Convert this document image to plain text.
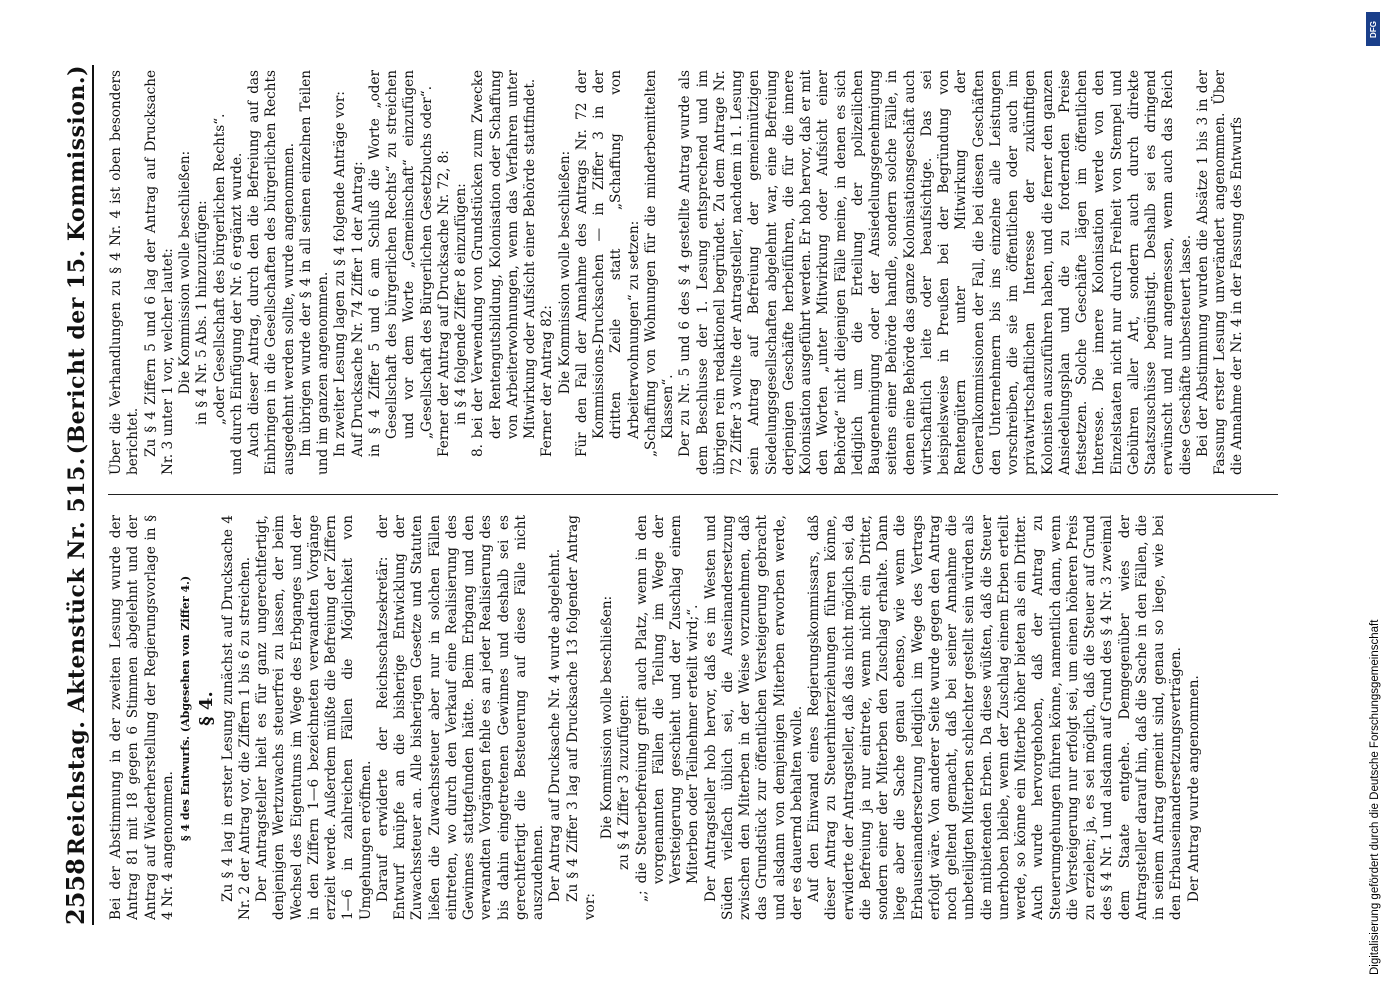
2558
Reichstag. Aktenstück Nr. 515.
(Bericht der 15. Kommission.)

Bei der Abstimmung in der zweiten Lesung wurde der Antrag 81 mit 18 gegen 6 Stimmen abgelehnt und der Antrag auf Wiederherstellung der Regierungsvorlage in § 4 Nr. 4 angenommen.

§ 4 des Entwurfs. (Abgesehen von Ziffer 4.) § 4. Zu § 4 lag in erster Lesung zunächst auf Drucksache 4 Nr. 2 der Antrag vor, die Ziffern 1 bis 6 zu streichen. Der Antragsteller hielt es für ganz ungerechtfertigt, denjenigen Wertzuwachs steuerfrei zu lassen, der beim Wechsel des Eigentums im Wege des Erbganges und der in den Ziffern 1—6 bezeichneten verwandten Vorgänge erzielt werde. Außerdem müßte die Befreiung der Ziffern 1—6 in zahlreichen Fällen die Möglichkeit von Umgehungen eröffnen. Darauf erwiderte der Reichsschatzsekretär: der Entwurf knüpfe an die bisherige Entwicklung der Zuwachssteuer an. Alle bisherigen Gesetze und Statuten ließen die Zuwachssteuer aber nur in solchen Fällen eintreten, wo durch den Verkauf eine Realisierung des Gewinnes stattgefunden hätte. Beim Erbgang und den verwandten Vorgängen fehle es an jeder Realisierung des bis dahin eingetretenen Gewinnes und deshalb sei es gerechtfertigt die Besteuerung auf diese Fälle nicht auszudehnen. Der Antrag auf Drucksache Nr. 4 wurde abgelehnt. Zu § 4 Ziffer 3 lag auf Drucksache 13 folgender Antrag vor:

Die Kommission wolle beschließen: zu § 4 Ziffer 3 zuzufügen: „; die Steuerbefreiung greift auch Platz, wenn in den vorgenannten Fällen die Teilung im Wege der Versteigerung geschieht und der Zuschlag einem Miterben oder Teilnehmer erteilt wird;“. Der Antragsteller hob hervor, daß es im Westen und Süden vielfach üblich sei, die Auseinandersetzung zwischen den Miterben in der Weise vorzunehmen, daß das Grundstück zur öffentlichen Versteigerung gebracht und alsdann von demjenigen Miterben erworben werde, der es dauernd behalten wolle. Auf den Einwand eines Regierungskommissars, daß dieser Antrag zu Steuerhinterziehungen führen könne, erwiderte der Antragsteller, daß das nicht möglich sei, da die Befreiung ja nur eintrete, wenn nicht ein Dritter, sondern einer der Miterben den Zuschlag erhalte. Dann liege aber die Sache genau ebenso, wie wenn die Erbauseinandersetzung lediglich im Wege des Vertrags erfolgt wäre. Von anderer Seite wurde gegen den Antrag noch geltend gemacht, daß bei seiner Annahme die unbeteiligten Miterben schlechter gestellt sein würden als die mitbietenden Erben. Da diese wüßten, daß die Steuer unerhoben bleibe, wenn der Zuschlag einem Erben erteilt werde, so könne ein Miterbe höher bieten als ein Dritter. Auch wurde hervorgehoben, daß der Antrag zu Steuerumgehungen führen könne, namentlich dann, wenn die Versteigerung nur erfolgt sei, um einen höheren Preis zu erzielen; ja, es sei möglich, daß die Steuer auf Grund des § 4 Nr. 1 und alsdann auf Grund des § 4 Nr. 3 zweimal dem Staate entgehe. Demgegenüber wies der Antragsteller darauf hin, daß die Sache in den Fällen, die in seinem Antrag gemeint sind, genau so liege, wie bei den Erbauseinandersetzungsverträgen. Der Antrag wurde angenommen.

Über die Verhandlungen zu § 4 Nr. 4 ist oben besonders berichtet. Zu § 4 Ziffern 5 und 6 lag der Antrag auf Drucksache Nr. 3 unter 1 vor, welcher lautet: Die Kommission wolle beschließen: in § 4 Nr. 5 Abs. 1 hinzuzufügen: „oder Gesellschaft des bürgerlichen Rechts“. und durch Einfügung der Nr. 6 ergänzt wurde. Auch dieser Antrag, durch den die Befreiung auf das Einbringen in die Gesellschaften des bürgerlichen Rechts ausgedehnt werden sollte, wurde angenommen. Im übrigen wurde der § 4 in all seinen einzelnen Teilen und im ganzen angenommen. In zweiter Lesung lagen zu § 4 folgende Anträge vor: Auf Drucksache Nr. 74 Ziffer 1 der Antrag: in § 4 Ziffer 5 und 6 am Schluß die Worte „oder Gesellschaft des bürgerlichen Rechts“ zu streichen und vor dem Worte „Gemeinschaft“ einzufügen „Gesellschaft des Bürgerlichen Gesetzbuchs oder“. Ferner der Antrag auf Drucksache Nr. 72, 8: in § 4 folgende Ziffer 8 einzufügen: 8. bei der Verwendung von Grundstücken zum Zwecke der Rentengutsbildung, Kolonisation oder Schaffung von Arbeiterwohnungen, wenn das Verfahren unter Mitwirkung oder Aufsicht einer Behörde stattfindet. Ferner der Antrag 82: Die Kommission wolle beschließen: Für den Fall der Annahme des Antrags Nr. 72 der Kommissions-Drucksachen — in Ziffer 3 in der dritten Zeile statt „Schaffung von Arbeiterwohnungen“ zu setzen: „Schaffung von Wohnungen für die minderbemittelten Klassen“. Der zu Nr. 5 und 6 des § 4 gestellte Antrag wurde als dem Beschlusse der 1. Lesung entsprechend und im übrigen rein redaktionell begründet. Zu dem Antrage Nr. 72 Ziffer 3 wollte der Antragsteller, nachdem in 1. Lesung sein Antrag auf Befreiung der gemeinnützigen Siedelungsgesellschaften abgelehnt war, eine Befreiung derjenigen Geschäfte herbeiführen, die für die innere Kolonisation ausgeführt werden. Er hob hervor, daß er mit den Worten „unter Mitwirkung oder Aufsicht einer Behörde“ nicht diejenigen Fälle meine, in denen es sich lediglich um die Erteilung der polizeilichen Baugenehmigung oder der Ansiedelungsgenehmigung seitens einer Behörde handle, sondern solche Fälle, in denen eine Behörde das ganze Kolonisationsgeschäft auch wirtschaftlich leite oder beaufsichtige. Das sei beispielsweise in Preußen bei der Begründung von Rentengütern unter Mitwirkung der Generalkommissionen der Fall, die bei diesen Geschäften den Unternehmern bis ins einzelne alle Leistungen vorschreiben, die sie im öffentlichen oder auch im privatwirtschaftlichen Interesse der zukünftigen Kolonisten auszuführen haben, und die ferner den ganzen Ansiedelungsplan und die zu fordernden Preise festsetzen. Solche Geschäfte lägen im öffentlichen Interesse. Die innere Kolonisation werde von den Einzelstaaten nicht nur durch Freiheit von Stempel und Gebühren aller Art, sondern auch durch direkte Staatszuschüsse begünstigt. Deshalb sei es dringend erwünscht und nur angemessen, wenn auch das Reich diese Geschäfte unbesteuert lasse. Bei der Abstimmung wurden die Absätze 1 bis 3 in der Fassung erster Lesung unverändert angenommen. Über die Annahme der Nr. 4 in der Fassung des Entwurfs

DFG
Digitalisierung gefördert durch die Deutsche Forschungsgemeinschaft
